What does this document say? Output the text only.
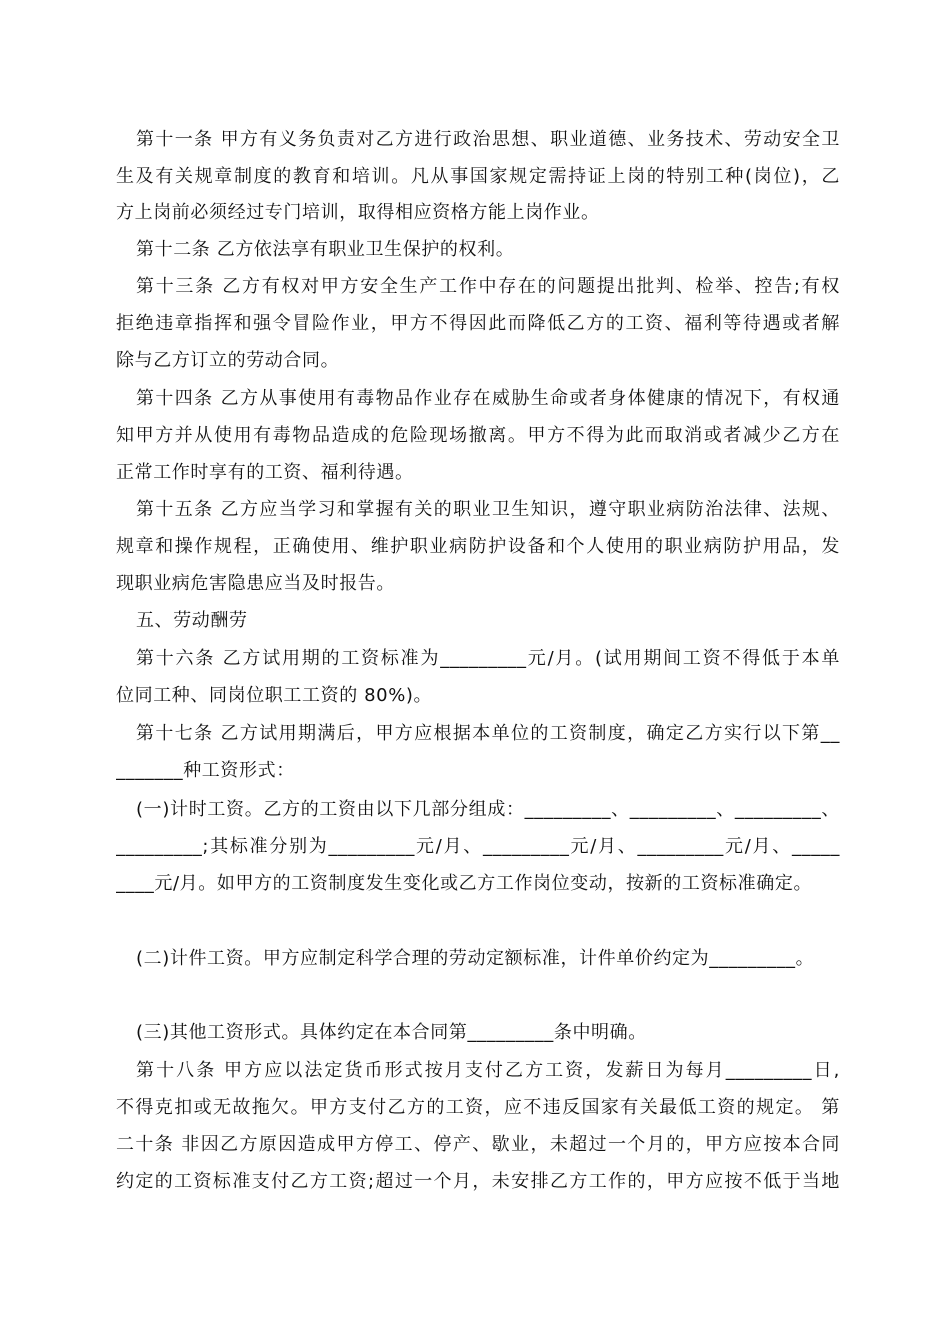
第十一条 甲方有义务负责对乙方进行政治思想、职业道德、业务技术、劳动安全卫
生及有关规章制度的教育和培训。凡从事国家规定需持证上岗的特别工种(岗位)，乙
方上岗前必须经过专门培训，取得相应资格方能上岗作业。
第十二条 乙方依法享有职业卫生保护的权利。
第十三条 乙方有权对甲方安全生产工作中存在的问题提出批判、检举、控告;有权
拒绝违章指挥和强令冒险作业，甲方不得因此而降低乙方的工资、福利等待遇或者解
除与乙方订立的劳动合同。
第十四条 乙方从事使用有毒物品作业存在威胁生命或者身体健康的情况下，有权通
知甲方并从使用有毒物品造成的危险现场撤离。甲方不得为此而取消或者减少乙方在
正常工作时享有的工资、福利待遇。
第十五条 乙方应当学习和掌握有关的职业卫生知识，遵守职业病防治法律、法规、
规章和操作规程，正确使用、维护职业病防护设备和个人使用的职业病防护用品，发
现职业病危害隐患应当及时报告。
五、劳动酬劳
第十六条 乙方试用期的工资标准为_________元/月。(试用期间工资不得低于本单
位同工种、同岗位职工工资的 80%)。
第十七条 乙方试用期满后，甲方应根据本单位的工资制度，确定乙方实行以下第__
_______种工资形式：
(一)计时工资。乙方的工资由以下几部分组成：_________、_________、_________、
_________;其标准分别为_________元/月、_________元/月、_________元/月、_____
____元/月。如甲方的工资制度发生变化或乙方工作岗位变动，按新的工资标准确定。
(二)计件工资。甲方应制定科学合理的劳动定额标准，计件单价约定为_________。
(三)其他工资形式。具体约定在本合同第_________条中明确。
第十八条 甲方应以法定货币形式按月支付乙方工资，发薪日为每月_________日,
不得克扣或无故拖欠。甲方支付乙方的工资，应不违反国家有关最低工资的规定。 第
二十条 非因乙方原因造成甲方停工、停产、歇业，未超过一个月的，甲方应按本合同
约定的工资标准支付乙方工资;超过一个月，未安排乙方工作的，甲方应按不低于当地
